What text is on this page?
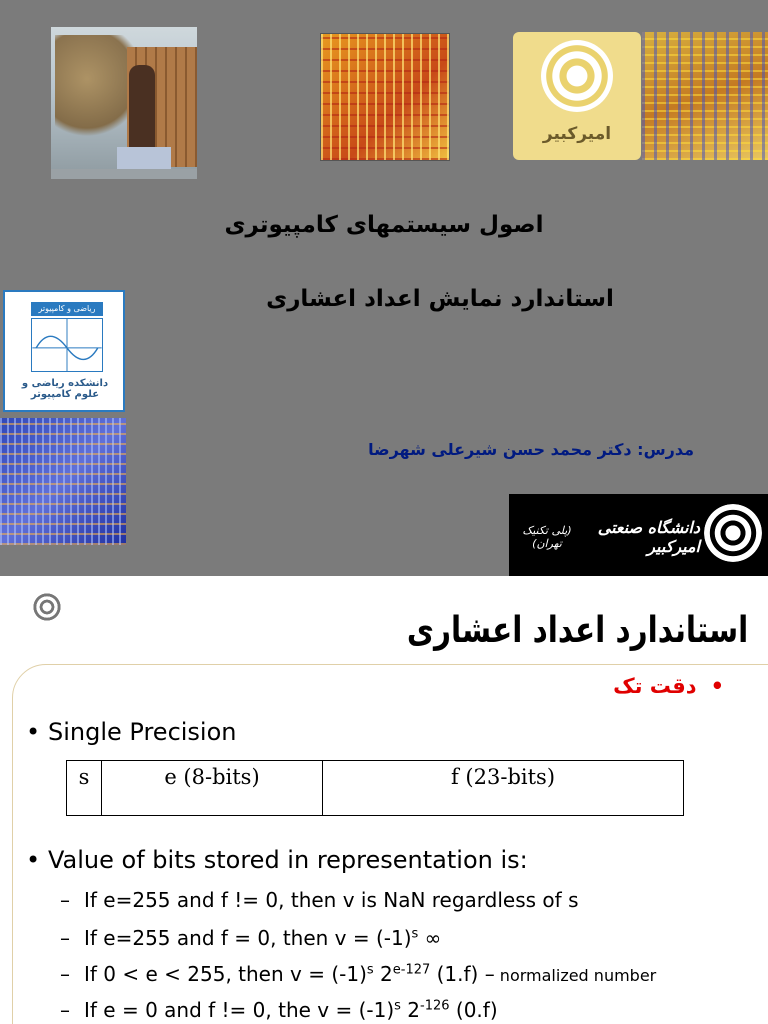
امیرکبیر
اصول سیستمهای کامپیوتری
استاندارد نمایش اعداد اعشاری
ریاضی و کامپیوتر
دانشکده ریاضی و علوم کامپیوتر
مدرس: دکتر محمد حسن شیرعلی شهرضا
دانشگاه صنعتی امیرکبیر
(پلی تکنیک تهران)
استاندارد اعداد اعشاری
•دقت تک
• Single Precision
s	e (8-bits)	f (23-bits)
• Value of bits stored in representation is:
– If e=255 and f != 0, then v is NaN regardless of s
– If e=255 and f = 0, then $v = (-1)^s$ ∞
– If 0 < e < 255, then $v = (-1)^s$ 2$^{e-127}$ (1.f) – normalized number
– If e = 0 and f != 0, the $v = (-1)^s$ $2^{-126}$ (0.f)
